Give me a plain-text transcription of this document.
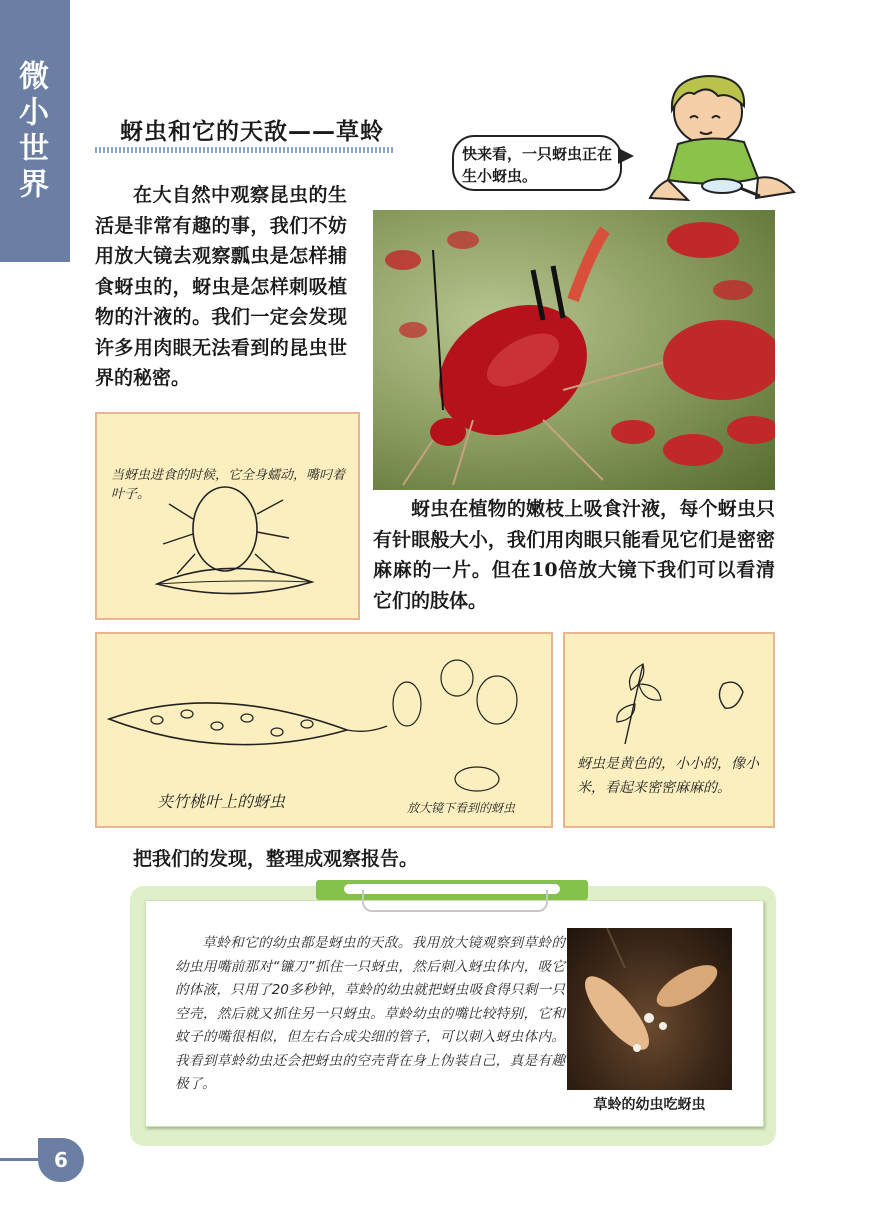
微小世界	蚜虫和它的天敌——草蛉
快来看，一只蚜虫正在生小蚜虫。
在大自然中观察昆虫的生活是非常有趣的事，我们不妨用放大镜去观察瓢虫是怎样捕食蚜虫的，蚜虫是怎样刺吸植物的汁液的。我们一定会发现许多用肉眼无法看到的昆虫世界的秘密。
当蚜虫进食的时候，它全身蠕动，嘴叼着叶子。
蚜虫在植物的嫩枝上吸食汁液，每个蚜虫只有针眼般大小，我们用肉眼只能看见它们是密密麻麻的一片。但在10倍放大镜下我们可以看清它们的肢体。
夹竹桃叶上的蚜虫	放大镜下看到的蚜虫
蚜虫是黄色的，小小的，像小米，看起来密密麻麻的。
把我们的发现，整理成观察报告。
草蛉和它的幼虫都是蚜虫的天敌。我用放大镜观察到草蛉的幼虫用嘴前那对“镰刀”抓住一只蚜虫，然后刺入蚜虫体内，吸它的体液，只用了20多秒钟，草蛉的幼虫就把蚜虫吸食得只剩一只空壳，然后就又抓住另一只蚜虫。草蛉幼虫的嘴比较特别，它和蚊子的嘴很相似，但左右合成尖细的管子，可以刺入蚜虫体内。我看到草蛉幼虫还会把蚜虫的空壳背在身上伪装自己，真是有趣极了。
草蛉的幼虫吃蚜虫
6
